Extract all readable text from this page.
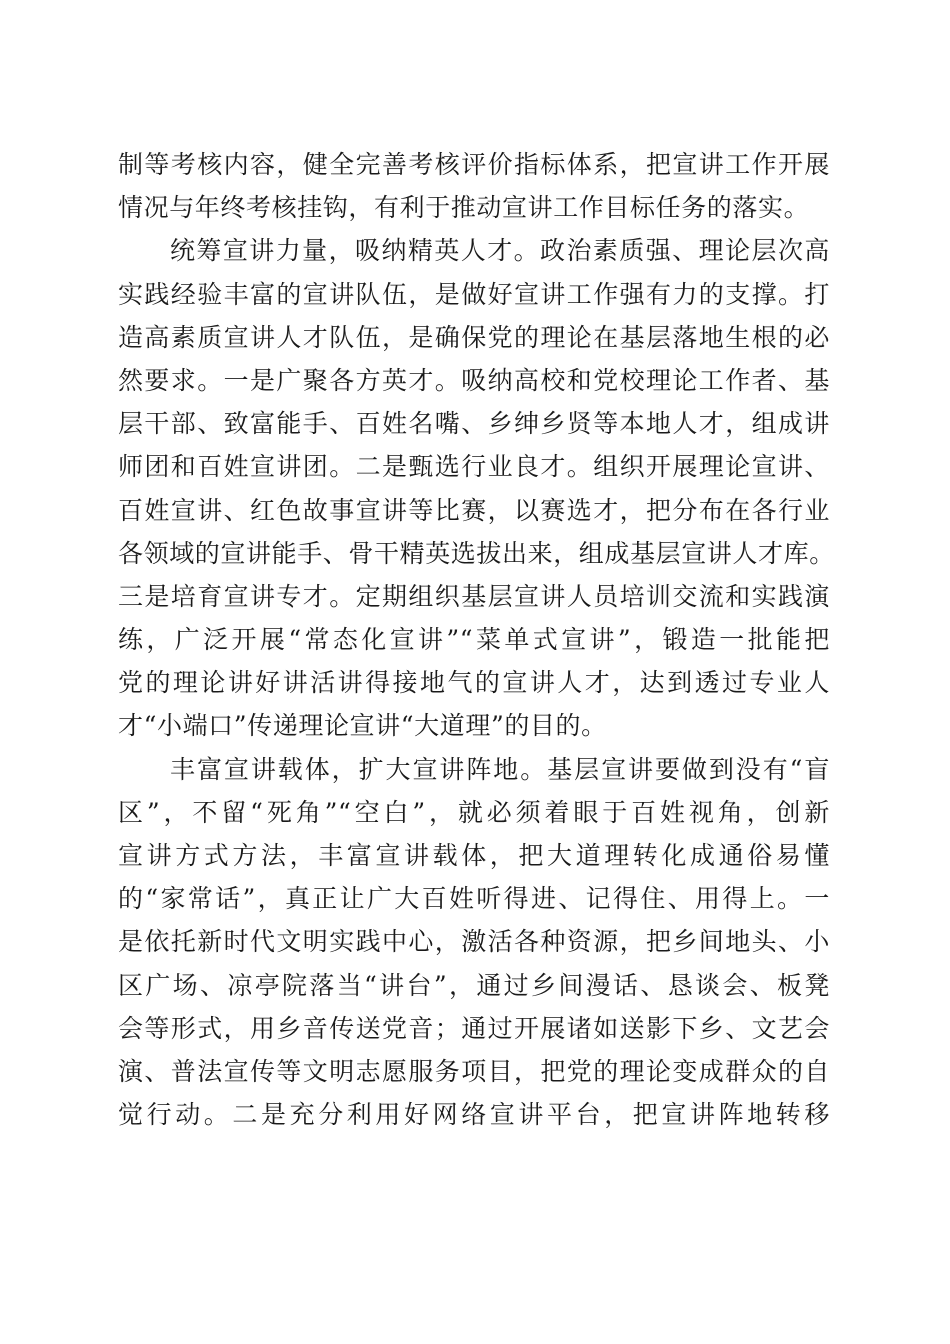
制等考核内容，健全完善考核评价指标体系，把宣讲工作开展
情况与年终考核挂钩，有利于推动宣讲工作目标任务的落实。
统筹宣讲力量，吸纳精英人才。政治素质强、理论层次高
实践经验丰富的宣讲队伍，是做好宣讲工作强有力的支撑。打
造高素质宣讲人才队伍，是确保党的理论在基层落地生根的必
然要求。一是广聚各方英才。吸纳高校和党校理论工作者、基
层干部、致富能手、百姓名嘴、乡绅乡贤等本地人才，组成讲
师团和百姓宣讲团。二是甄选行业良才。组织开展理论宣讲、
百姓宣讲、红色故事宣讲等比赛，以赛选才，把分布在各行业
各领域的宣讲能手、骨干精英选拔出来，组成基层宣讲人才库。
三是培育宣讲专才。定期组织基层宣讲人员培训交流和实践演
练，广泛开展“常态化宣讲”“菜单式宣讲”，锻造一批能把
党的理论讲好讲活讲得接地气的宣讲人才，达到透过专业人
才“小端口”传递理论宣讲“大道理”的目的。
丰富宣讲载体，扩大宣讲阵地。基层宣讲要做到没有“盲
区”，不留“死角”“空白”，就必须着眼于百姓视角，创新
宣讲方式方法，丰富宣讲载体，把大道理转化成通俗易懂
的“家常话”，真正让广大百姓听得进、记得住、用得上。一
是依托新时代文明实践中心，激活各种资源，把乡间地头、小
区广场、凉亭院落当“讲台”，通过乡间漫话、恳谈会、板凳
会等形式，用乡音传送党音；通过开展诸如送影下乡、文艺会
演、普法宣传等文明志愿服务项目，把党的理论变成群众的自
觉行动。二是充分利用好网络宣讲平台，把宣讲阵地转移
